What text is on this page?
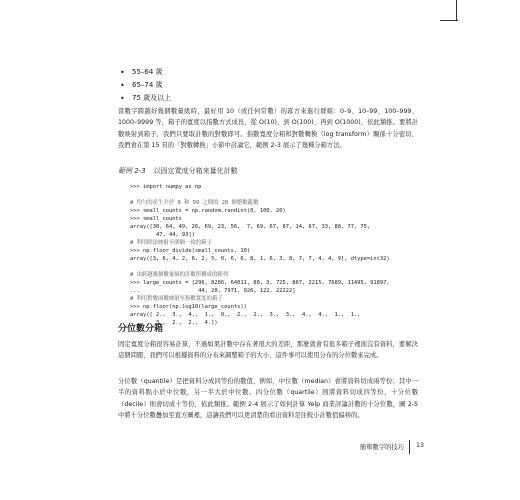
• 55–64 歲
• 65–74 歲
• 75 歲及以上

當數字跨越好幾個數量級時，最好用 10（或任何常數）的冪方來進行群組：0–9、10–99、100–999、1000–9999 等，箱子的寬度以指數方式成長，從 O(10)、到 O(100)、再到 O(1000)，依此類推。要將計數映射到箱子，我們只要取計數的對數即可。指數寬度分箱和對數轉換（log transform）關係十分密切，我們會在第 15 頁的「對數轉換」小節中討論它，範例 2-3 展示了幾種分箱方法。

範例 2-3 以固定寬度分箱來量化計數
>>> import numpy as np

# 均勻的產生介於 0 和 99 之間的 20 個整數亂數
>>> small_counts = np.random.randint(0, 100, 20)
>>> small_counts
array([30, 64, 49, 26, 69, 23, 56,  7, 69, 67, 87, 14, 67, 33, 88, 77, 75,
47, 44, 93])
# 利用除法映射至間隔一致的箱子
>>> np.floor_divide(small_counts, 10)
array([3, 6, 4, 2, 6, 2, 5, 0, 6, 6, 8, 1, 6, 3, 8, 7, 7, 4, 4, 9], dtype=int32)

# 由跨越幾個數量級的計數所構成的陣列
>>> large_counts = [296, 8286, 64011, 80, 3, 725, 867, 2215, 7689, 11495, 91897,
...                  44, 28, 7971, 926, 122, 22222]
# 利用對數函數映射至指數寬度的箱子
>>> np.floor(np.log10(large_counts))
array([ 2.,  3.,  4.,  1.,  0.,  2.,  2.,  3.,  3.,  4.,  4.,  1.,  1.,
3.,  2.,  2.,  4.])
分位數分箱

固定寬度分箱很容易計算，不過如果計數中存在著很大的差距，那麼就會有很多箱子裡面沒有資料，要解決這個問題，我們可以根據資料的分布來調整箱子的大小，這件事可以使用分布的分位數來完成。

分位數（quantile）是把資料分成同等份的數值，例如，中位數（median）會將資料切成兩等份；其中一半的資料點小於中位數，另一半大於中位數。四分位數（quartile）則將資料切成四等份，十分位數（decile）則會切成十等份，依此類推。範例 2-4 展示了如何計算 Yelp 商業評論計數的十分位數，圖 2-5 中將十分位數疊加至直方圖裡，這讓我們可以更清楚的看出資料是往較小計數值偏移的。

簡單數字的技巧 13
